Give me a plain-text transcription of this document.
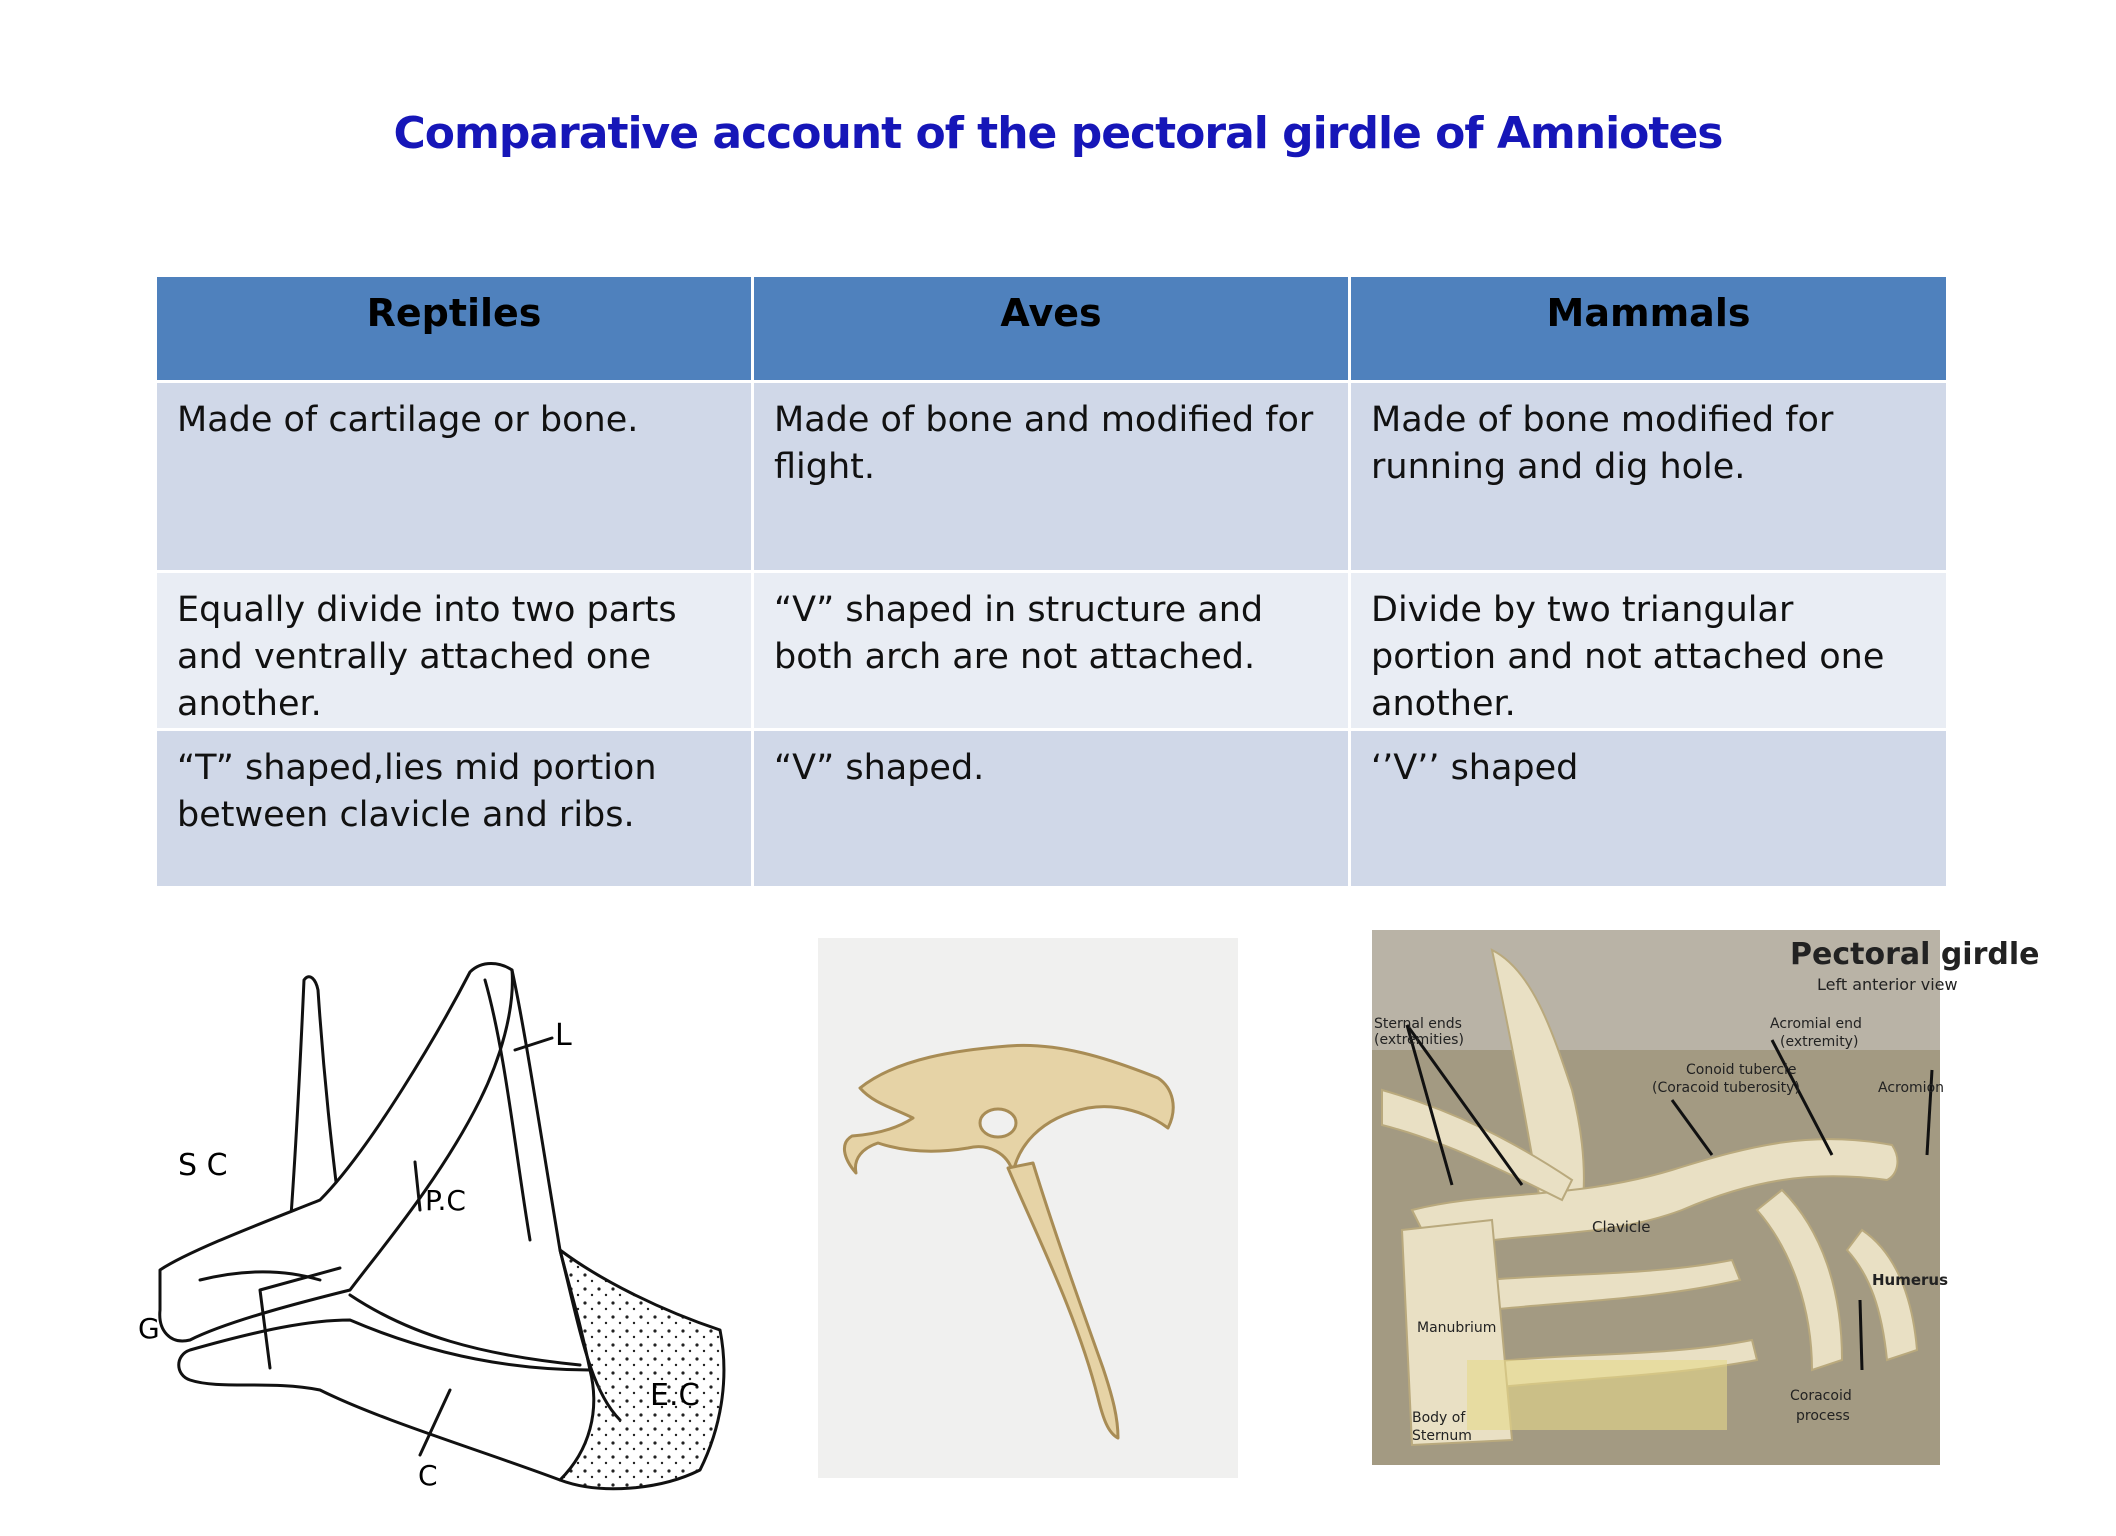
Comparative account of the pectoral girdle of Amniotes
Reptiles	Aves	Mammals
Made of cartilage or bone.	Made of bone and modified for flight.	Made of bone modified for running and dig hole.
Equally divide into two parts and ventrally attached one another.	“V” shaped in structure and both arch are not attached.	Divide by two triangular portion and not attached one another.
“T” shaped,lies mid portion between clavicle and ribs.	“V” shaped.	‘’V’’ shaped
S C
P.C
L
G
E.C
C
Pectoral girdle
Left anterior view
Sternal ends
(extremities)
Acromial end
(extremity)
Conoid tubercle
(Coracoid tuberosity)	Acromion
Clavicle
Humerus
Manubrium
Body of
Sternum
Coracoid
process
